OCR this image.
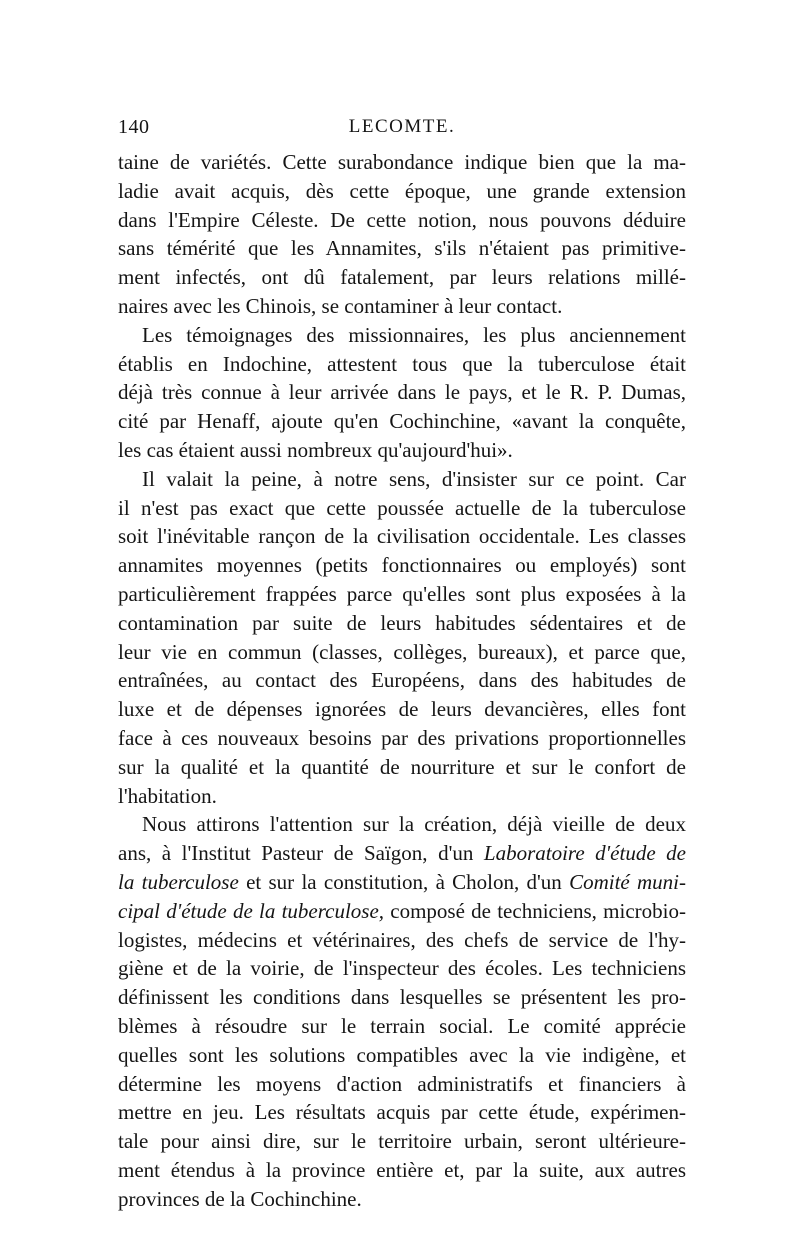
140	LECOMTE.
taine de variétés. Cette surabondance indique bien que la ma-
ladie avait acquis, dès cette époque, une grande extension
dans l'Empire Céleste. De cette notion, nous pouvons déduire
sans témérité que les Annamites, s'ils n'étaient pas primitive-
ment infectés, ont dû fatalement, par leurs relations millé-
naires avec les Chinois, se contaminer à leur contact.
Les témoignages des missionnaires, les plus anciennement
établis en Indochine, attestent tous que la tuberculose était
déjà très connue à leur arrivée dans le pays, et le R. P. Dumas,
cité par Henaff, ajoute qu'en Cochinchine, «avant la conquête,
les cas étaient aussi nombreux qu'aujourd'hui».
Il valait la peine, à notre sens, d'insister sur ce point. Car
il n'est pas exact que cette poussée actuelle de la tuberculose
soit l'inévitable rançon de la civilisation occidentale. Les classes
annamites moyennes (petits fonctionnaires ou employés) sont
particulièrement frappées parce qu'elles sont plus exposées à la
contamination par suite de leurs habitudes sédentaires et de
leur vie en commun (classes, collèges, bureaux), et parce que,
entraînées, au contact des Européens, dans des habitudes de
luxe et de dépenses ignorées de leurs devancières, elles font
face à ces nouveaux besoins par des privations proportionnelles
sur la qualité et la quantité de nourriture et sur le confort de
l'habitation.
Nous attirons l'attention sur la création, déjà vieille de deux
ans, à l'Institut Pasteur de Saïgon, d'un Laboratoire d'étude de
la tuberculose et sur la constitution, à Cholon, d'un Comité muni-
cipal d'étude de la tuberculose, composé de techniciens, microbio-
logistes, médecins et vétérinaires, des chefs de service de l'hy-
giène et de la voirie, de l'inspecteur des écoles. Les techniciens
définissent les conditions dans lesquelles se présentent les pro-
blèmes à résoudre sur le terrain social. Le comité apprécie
quelles sont les solutions compatibles avec la vie indigène, et
détermine les moyens d'action administratifs et financiers à
mettre en jeu. Les résultats acquis par cette étude, expérimen-
tale pour ainsi dire, sur le territoire urbain, seront ultérieure-
ment étendus à la province entière et, par la suite, aux autres
provinces de la Cochinchine.
